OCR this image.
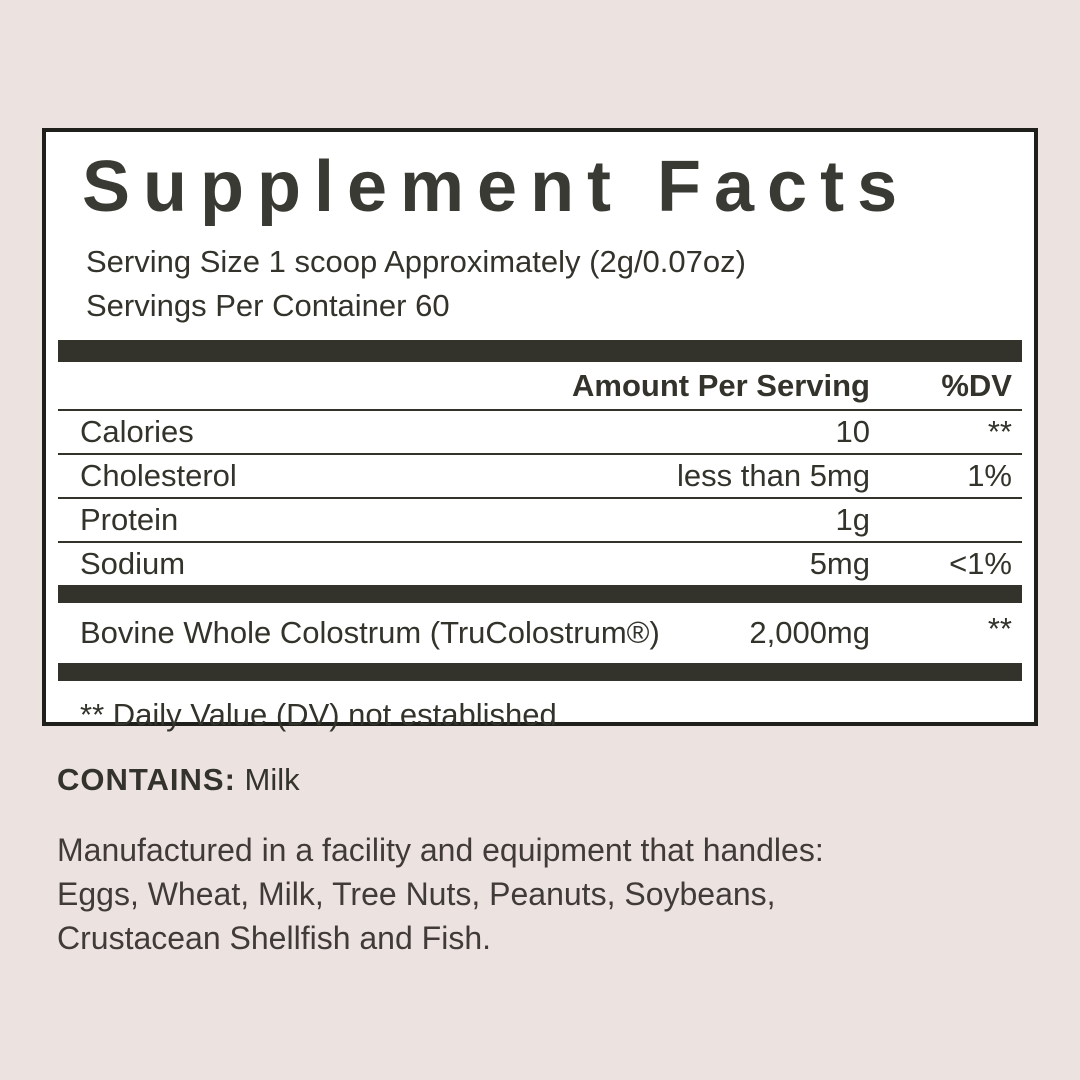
Supplement Facts
Serving Size 1 scoop Approximately (2g/0.07oz)
Servings Per Container 60
Amount Per Serving	%DV
Calories	10	**
Cholesterol	less than 5mg	1%
Protein	1g
Sodium	5mg	<1%
Bovine Whole Colostrum (TruColostrum®)	2,000mg	**
** Daily Value (DV) not established
CONTAINS: Milk
Manufactured in a facility and equipment that handles:
Eggs, Wheat, Milk, Tree Nuts, Peanuts, Soybeans,
Crustacean Shellfish and Fish.
